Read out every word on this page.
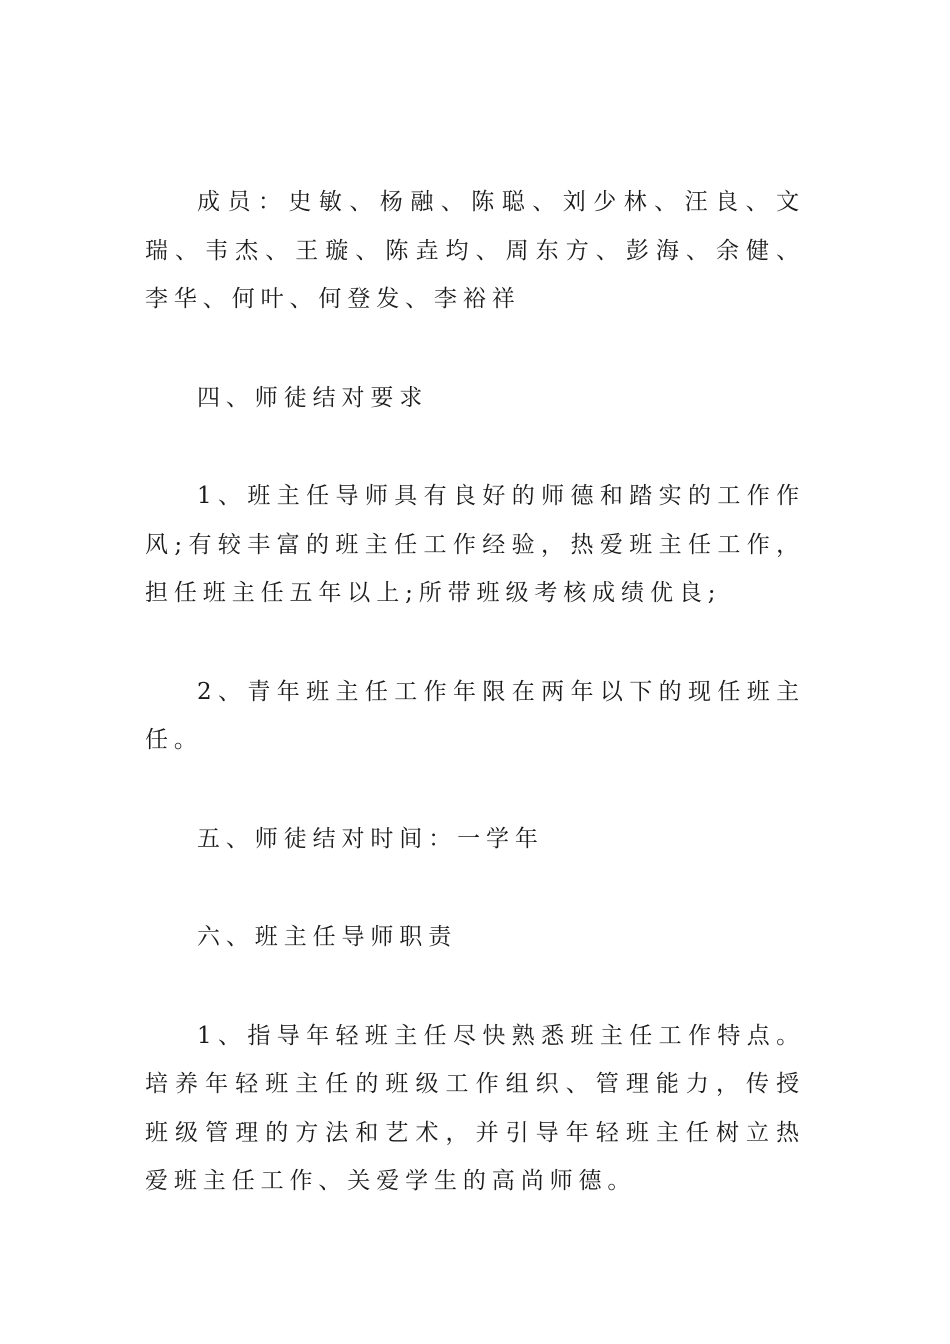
成员：史敏、杨融、陈聪、刘少林、汪良、文瑞、韦杰、王璇、陈垚均、周东方、彭海、余健、李华、何叶、何登发、李裕祥

四、师徒结对要求

1、班主任导师具有良好的师德和踏实的工作作风;有较丰富的班主任工作经验，热爱班主任工作，担任班主任五年以上;所带班级考核成绩优良;

2、青年班主任工作年限在两年以下的现任班主任。

五、师徒结对时间：一学年

六、班主任导师职责

1、指导年轻班主任尽快熟悉班主任工作特点。培养年轻班主任的班级工作组织、管理能力，传授班级管理的方法和艺术，并引导年轻班主任树立热爱班主任工作、关爱学生的高尚师德。
